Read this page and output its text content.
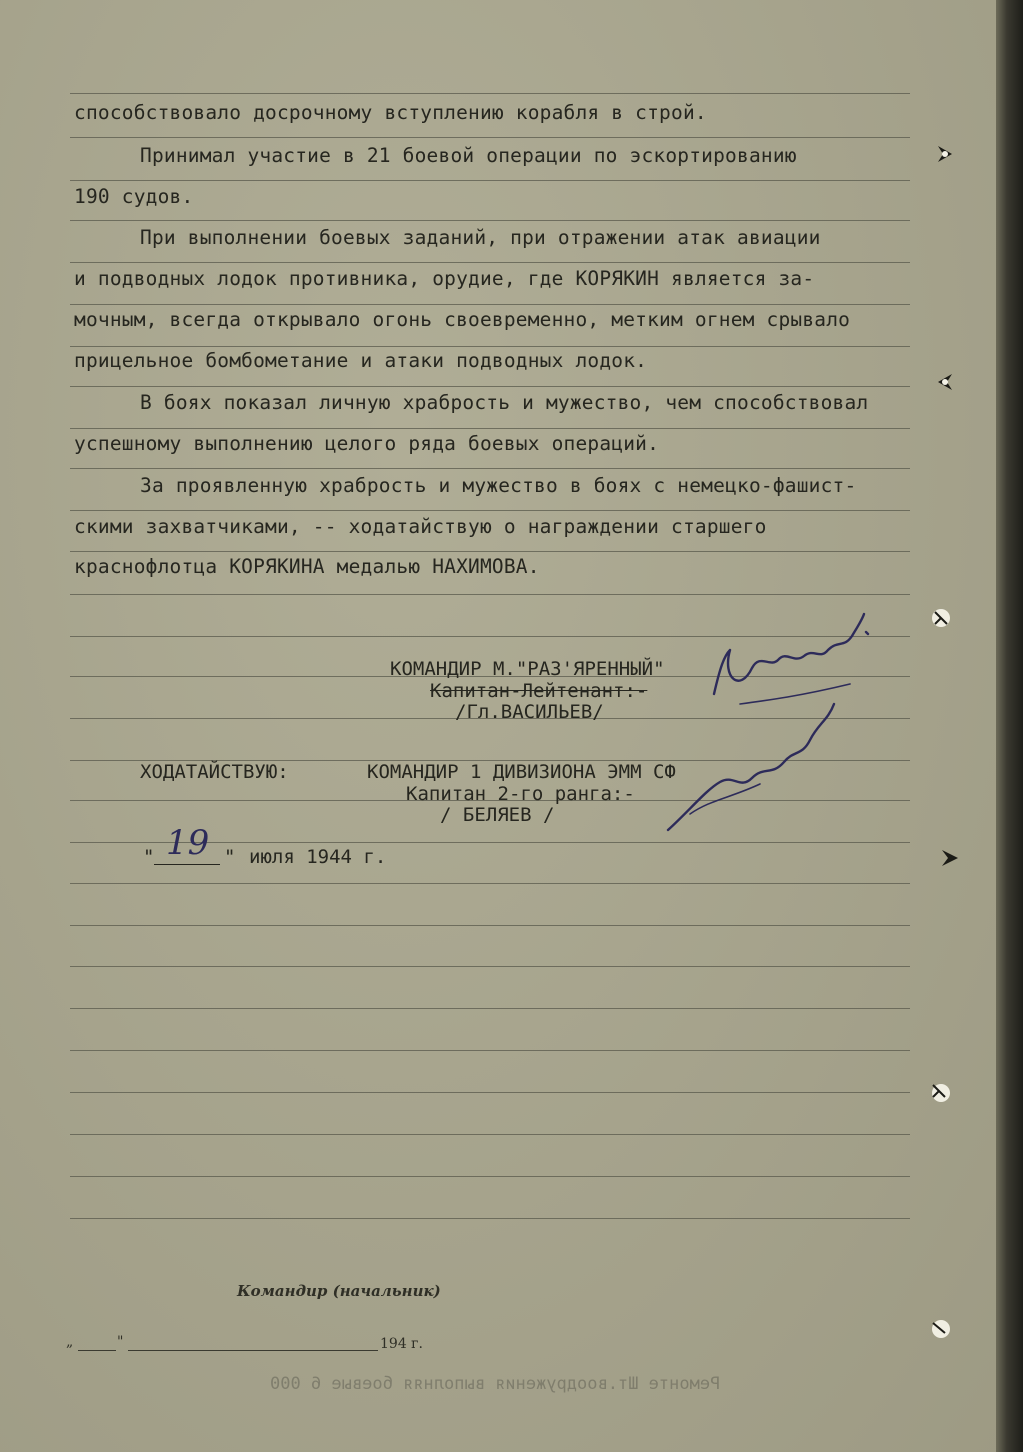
способствовало досрочному вступлению корабля в строй.
Принимал участие в 21 боевой операции по эскортированию
190 судов.
При выполнении боевых заданий, при отражении атак авиации
и подводных лодок противника, орудие, где КОРЯКИН является за-
мочным, всегда открывало огонь своевременно, метким огнем срывало
прицельное бомбометание и атаки подводных лодок.
В боях показал личную храбрость и мужество, чем способствовал
успешному выполнению целого ряда боевых операций.
За проявленную храбрость и мужество в боях с немецко-фашист-
скими захватчиками, -- ходатайствую о награждении старшего
краснофлотца КОРЯКИНА медалью НАХИМОВА.
КОМАНДИР М."РАЗ'ЯРЕННЫЙ"
Капитан-Лейтенант:-
/Гл.ВАСИЛЬЕВ/
ХОДАТАЙСТВУЮ:	КОМАНДИР 1 ДИВИЗИОНА ЭММ СФ
Капитан 2-го ранга:-
/ БЕЛЯЕВ /
" 19 " июля 1944 г.
Командир (начальник)
„	"	194 г.
Ремонте Шт.воодружения выполняя боевые 6 000
